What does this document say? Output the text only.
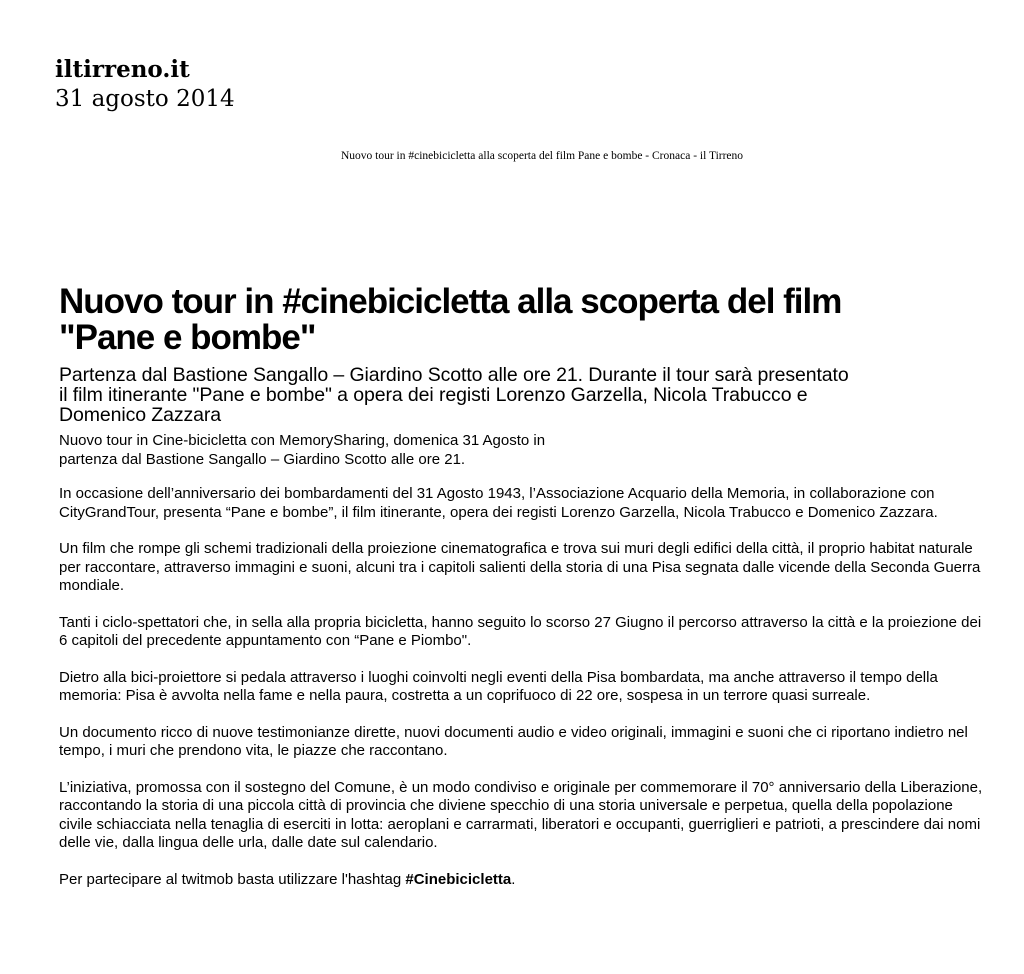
iltirreno.it
31 agosto 2014
Nuovo tour in #cinebicicletta alla scoperta del film Pane e bombe - Cronaca - il Tirreno
Nuovo tour in #cinebicicletta alla scoperta del film
"Pane e bombe"
Partenza dal Bastione Sangallo – Giardino Scotto alle ore 21. Durante il tour sarà presentato
il film itinerante "Pane e bombe" a opera dei registi Lorenzo Garzella, Nicola Trabucco e
Domenico Zazzara
Nuovo tour in Cine-bicicletta con MemorySharing, domenica 31 Agosto in
partenza dal Bastione Sangallo – Giardino Scotto alle ore 21.

In occasione dell’anniversario dei bombardamenti del 31 Agosto 1943, l’Associazione Acquario della Memoria, in collaborazione con CityGrandTour, presenta “Pane e bombe”, il film itinerante, opera dei registi Lorenzo Garzella, Nicola Trabucco e Domenico Zazzara.

Un film che rompe gli schemi tradizionali della proiezione cinematografica e trova sui muri degli edifici della città, il proprio habitat naturale per raccontare, attraverso immagini e suoni, alcuni tra i capitoli salienti della storia di una Pisa segnata dalle vicende della Seconda Guerra mondiale.

Tanti i ciclo-spettatori che, in sella alla propria bicicletta, hanno seguito lo scorso 27 Giugno il percorso attraverso la città e la proiezione dei 6 capitoli del precedente appuntamento con “Pane e Piombo".

Dietro alla bici-proiettore si pedala attraverso i luoghi coinvolti negli eventi della Pisa bombardata, ma anche attraverso il tempo della memoria: Pisa è avvolta nella fame e nella paura, costretta a un coprifuoco di 22 ore, sospesa in un terrore quasi surreale.

Un documento ricco di nuove testimonianze dirette, nuovi documenti audio e video originali, immagini e suoni che ci riportano indietro nel tempo, i muri che prendono vita, le piazze che raccontano.

L’iniziativa, promossa con il sostegno del Comune, è un modo condiviso e originale per commemorare il 70° anniversario della Liberazione, raccontando la storia di una piccola città di provincia che diviene specchio di una storia universale e perpetua, quella della popolazione civile schiacciata nella tenaglia di eserciti in lotta: aeroplani e carrarmati, liberatori e occupanti, guerriglieri e patrioti, a prescindere dai nomi delle vie, dalla lingua delle urla, dalle date sul calendario.

Per partecipare al twitmob basta utilizzare l'hashtag #Cinebicicletta.
